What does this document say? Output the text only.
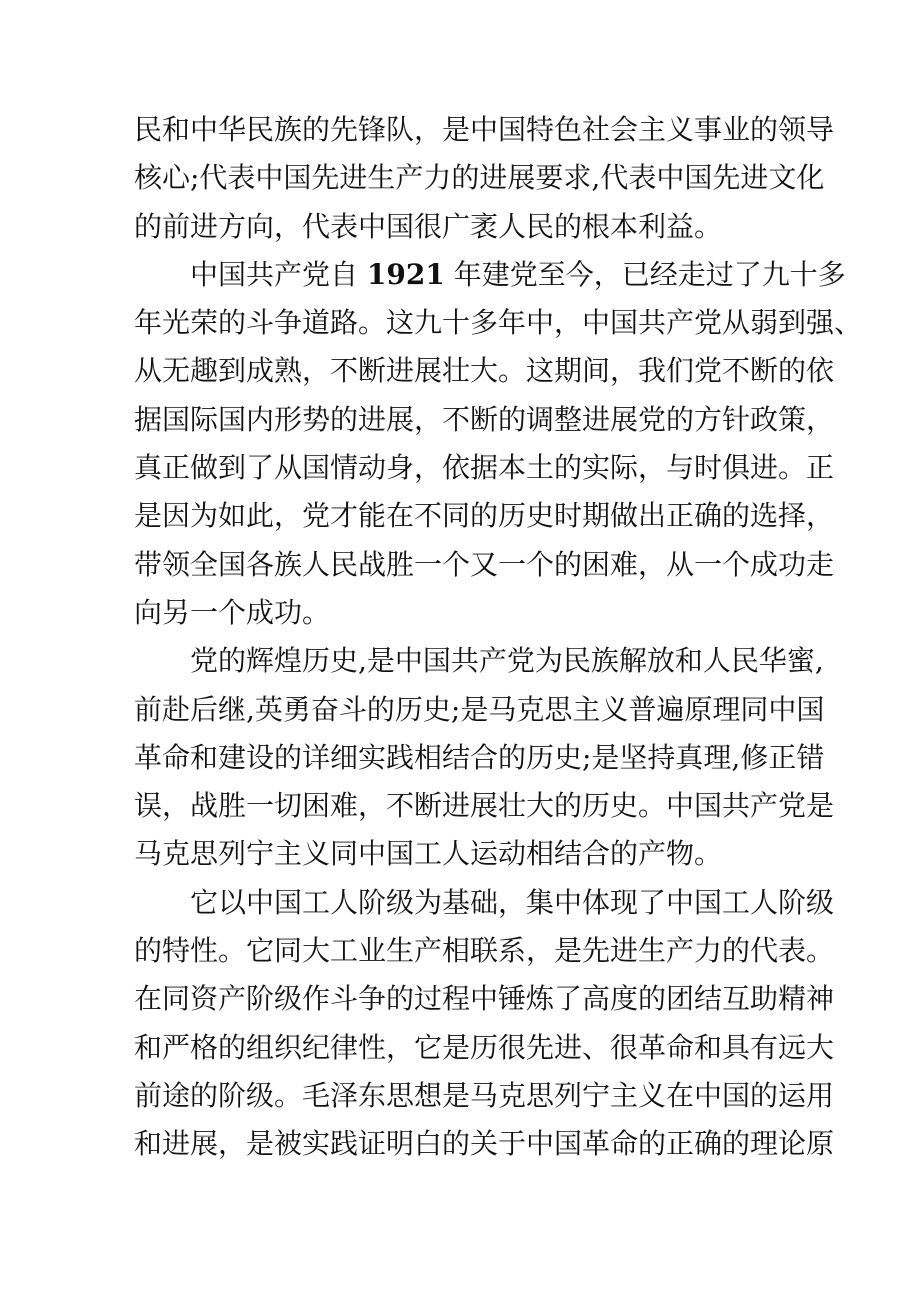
民和中华民族的先锋队，是中国特色社会主义事业的领导
核心;代表中国先进生产力的进展要求,代表中国先进文化
的前进方向，代表中国很广袤人民的根本利益。
中国共产党自 1921 年建党至今，已经走过了九十多
年光荣的斗争道路。这九十多年中，中国共产党从弱到强、
从无趣到成熟，不断进展壮大。这期间，我们党不断的依
据国际国内形势的进展，不断的调整进展党的方针政策，
真正做到了从国情动身，依据本土的实际，与时俱进。正
是因为如此，党才能在不同的历史时期做出正确的选择，
带领全国各族人民战胜一个又一个的困难，从一个成功走
向另一个成功。
党的辉煌历史,是中国共产党为民族解放和人民华蜜,
前赴后继,英勇奋斗的历史;是马克思主义普遍原理同中国
革命和建设的详细实践相结合的历史;是坚持真理,修正错
误，战胜一切困难，不断进展壮大的历史。中国共产党是
马克思列宁主义同中国工人运动相结合的产物。
它以中国工人阶级为基础，集中体现了中国工人阶级
的特性。它同大工业生产相联系，是先进生产力的代表。
在同资产阶级作斗争的过程中锤炼了高度的团结互助精神
和严格的组织纪律性，它是历很先进、很革命和具有远大
前途的阶级。毛泽东思想是马克思列宁主义在中国的运用
和进展，是被实践证明白的关于中国革命的正确的理论原
